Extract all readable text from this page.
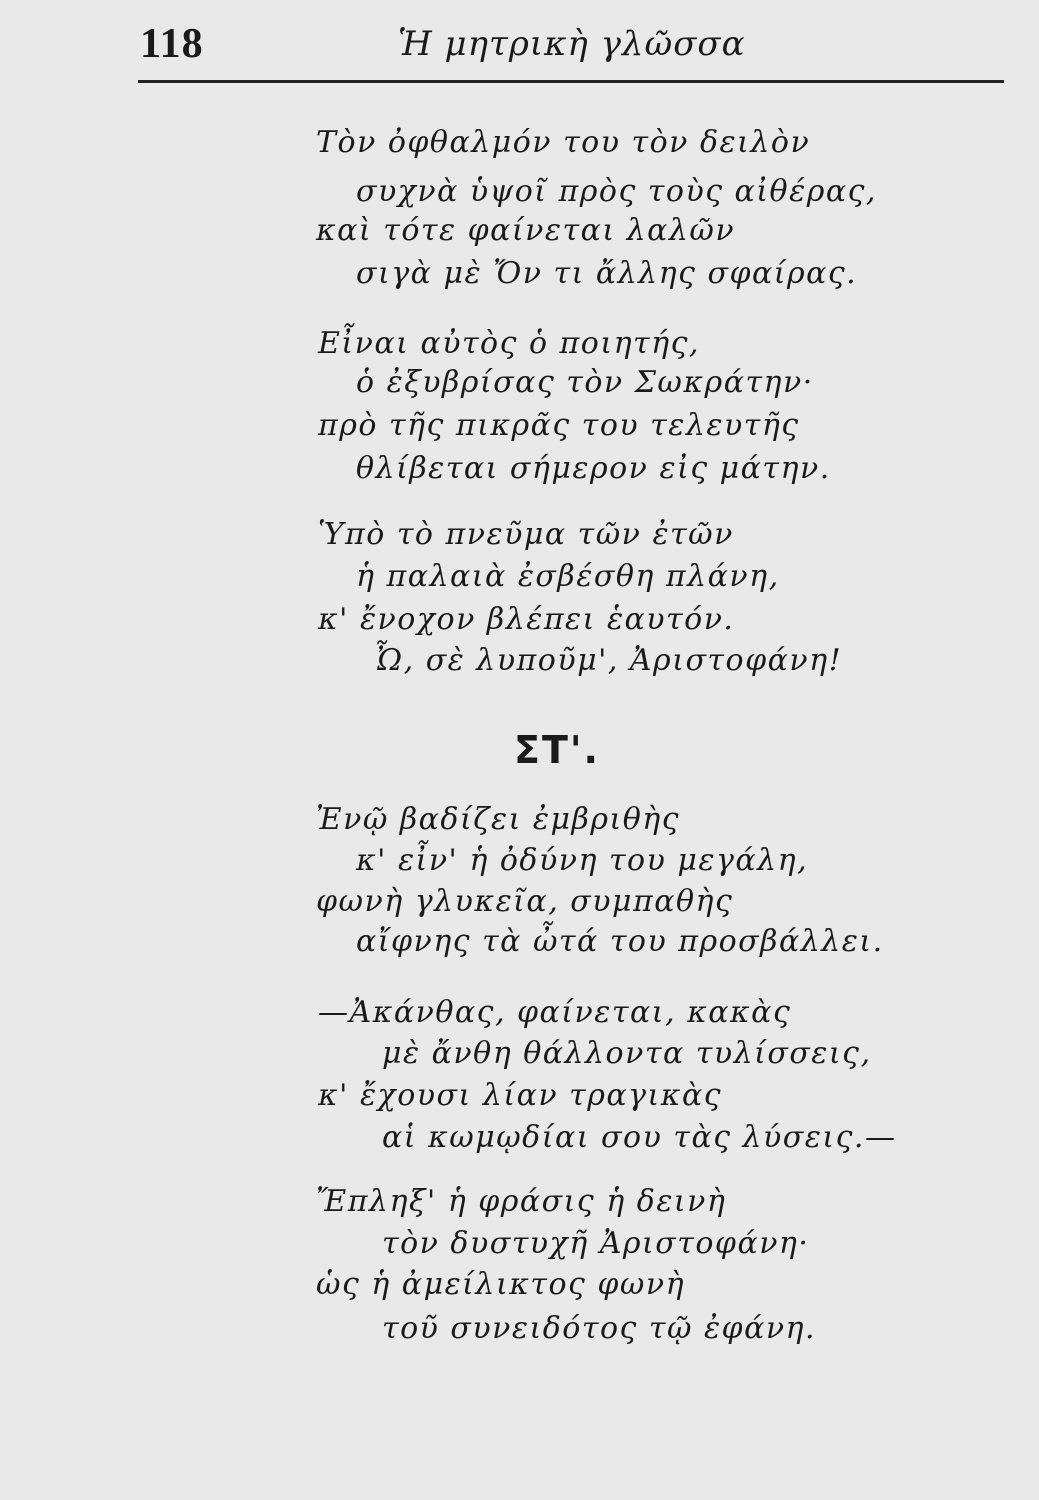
118	Ἡ μητρικὴ γλῶσσα
Τὸν ὀφθαλμόν του τὸν δειλὸν
συχνὰ ὑψοῖ πρὸς τοὺς αἰθέρας,
καὶ τότε φαίνεται λαλῶν
σιγὰ μὲ Ὄν τι ἄλλης σφαίρας.
Εἶναι αὐτὸς ὁ ποιητής,
ὁ ἐξυβρίσας τὸν Σωκράτην·
πρὸ τῆς πικρᾶς του τελευτῆς
θλίβεται σήμερον εἰς μάτην.
Ὑπὸ τὸ πνεῦμα τῶν ἐτῶν
ἡ παλαιὰ ἐσβέσθη πλάνη,
κ' ἔνοχον βλέπει ἑαυτόν.
Ὦ, σὲ λυποῦμ', Ἀριστοφάνη!
ΣΤ'.
Ἐνῷ βαδίζει ἐμβριθὴς
κ' εἶν' ἡ ὀδύνη του μεγάλη,
φωνὴ γλυκεῖα, συμπαθὴς
αἴφνης τὰ ὦτά του προσβάλλει.
—Ἀκάνθας, φαίνεται, κακὰς
μὲ ἄνθη θάλλοντα τυλίσσεις,
κ' ἔχουσι λίαν τραγικὰς
αἱ κωμῳδίαι σου τὰς λύσεις.—
Ἔπληξ' ἡ φράσις ἡ δεινὴ
τὸν δυστυχῆ Ἀριστοφάνη·
ὡς ἡ ἀμείλικτος φωνὴ
τοῦ συνειδότος τῷ ἐφάνη.
